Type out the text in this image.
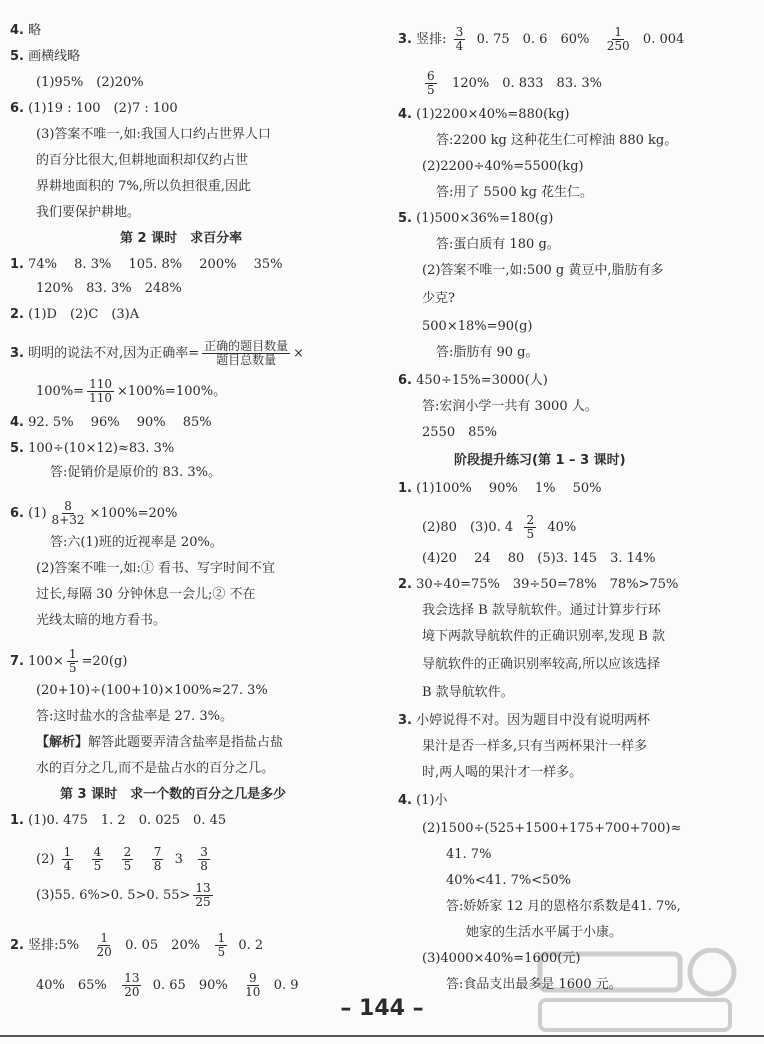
4. 略
5. 画横线略
(1)95%　(2)20%
6. (1)19 : 100　(2)7 : 100
(3)答案不唯一,如:我国人口约占世界人口
的百分比很大,但耕地面积却仅约占世
界耕地面积的 7%,所以负担很重,因此
我们要保护耕地。
第 2 课时　求百分率
1. 74%　 8. 3%　 105. 8%　 200%　 35%
120%　83. 3%　248%
2. (1)D　(2)C　(3)A
3. 明明的说法不对,因为正确率= $\frac{\text{正确的题目数量}}{\text{题目总数量}}$ ×
$100\%= \frac{110}{110} \times 100\%=100\%$。
4. 92. 5%　 96%　 90%　 85%
5. 100÷(10×12)≈83. 3%
答:促销价是原价的 83. 3%。
6. $(1) \frac{8}{8+32} \times 100\%=20\%$
答:六(1)班的近视率是 20%。
(2)答案不唯一,如:① 看书、写字时间不宜
过长,每隔 30 分钟休息一会儿;② 不在
光线太暗的地方看书。
7. $100\times \frac{1}{5} =20(g)$
(20+10)÷(100+10)×100%≈27. 3%
答:这时盐水的含盐率是 27. 3%。
【解析】解答此题要弄清含盐率是指盐占盐
水的百分之几,而不是盐占水的百分之几。
第 3 课时　求一个数的百分之几是多少
1. (1)0. 475　1. 2　0. 025　0. 45
$(2) \frac{1}{4}$
$\frac{4}{5}$
$\frac{2}{5}$
$\frac{7}{8} 3 \frac{3}{8}$
(3)55. 6%>0. 5>0. $55> \frac{13}{25}$
2. 竖排:5% $\frac{1}{20} 0$. 05　$20\% \frac{1}{5} 0$. 2
40%　$65\% \frac{13}{20} 0$. 65　$90\% \frac{9}{10} 0$. 9
3. 竖排: $\frac{3}{4} 0$. 75　0. 6　$60\% \frac{1}{250} 0$. 004
$\frac{6}{5} 120\%$　0. 833　83. 3%
4. (1)2200×40%=880(kg)
答:2200 kg 这种花生仁可榨油 880 kg。
(2)2200÷40%=5500(kg)
答:用了 5500 kg 花生仁。
5. (1)500×36%=180(g)
答:蛋白质有 180 g。
(2)答案不唯一,如:500 g 黄豆中,脂肪有多
少克?
500×18%=90(g)
答:脂肪有 90 g。
6. 450÷15%=3000(人)
答:宏润小学一共有 3000 人。
2550　85%
阶段提升练习(第 1 – 3 课时)
1. (1)100%　 90%　 1%　 50%
(2)80　(3)0. $4 \frac{2}{5} 40\%$
(4)20　 24　 80　(5)3. 145　3. 14%
2. 30÷40=75%　39÷50=78%　78%>75%
我会选择 B 款导航软件。通过计算步行环
境下两款导航软件的正确识别率,发现 B 款
导航软件的正确识别率较高,所以应该选择
B 款导航软件。
3. 小婷说得不对。因为题目中没有说明两杯
果汁是否一样多,只有当两杯果汁一样多
时,两人喝的果汁才一样多。
4. (1)小
(2)1500÷(525+1500+175+700+700)≈
41. 7%
40%<41. 7%<50%
答:娇娇家 12 月的恩格尔系数是41. 7%,
她家的生活水平属于小康。
(3)4000×40%=1600(元)
答:食品支出最多是 1600 元。
– 144 –
